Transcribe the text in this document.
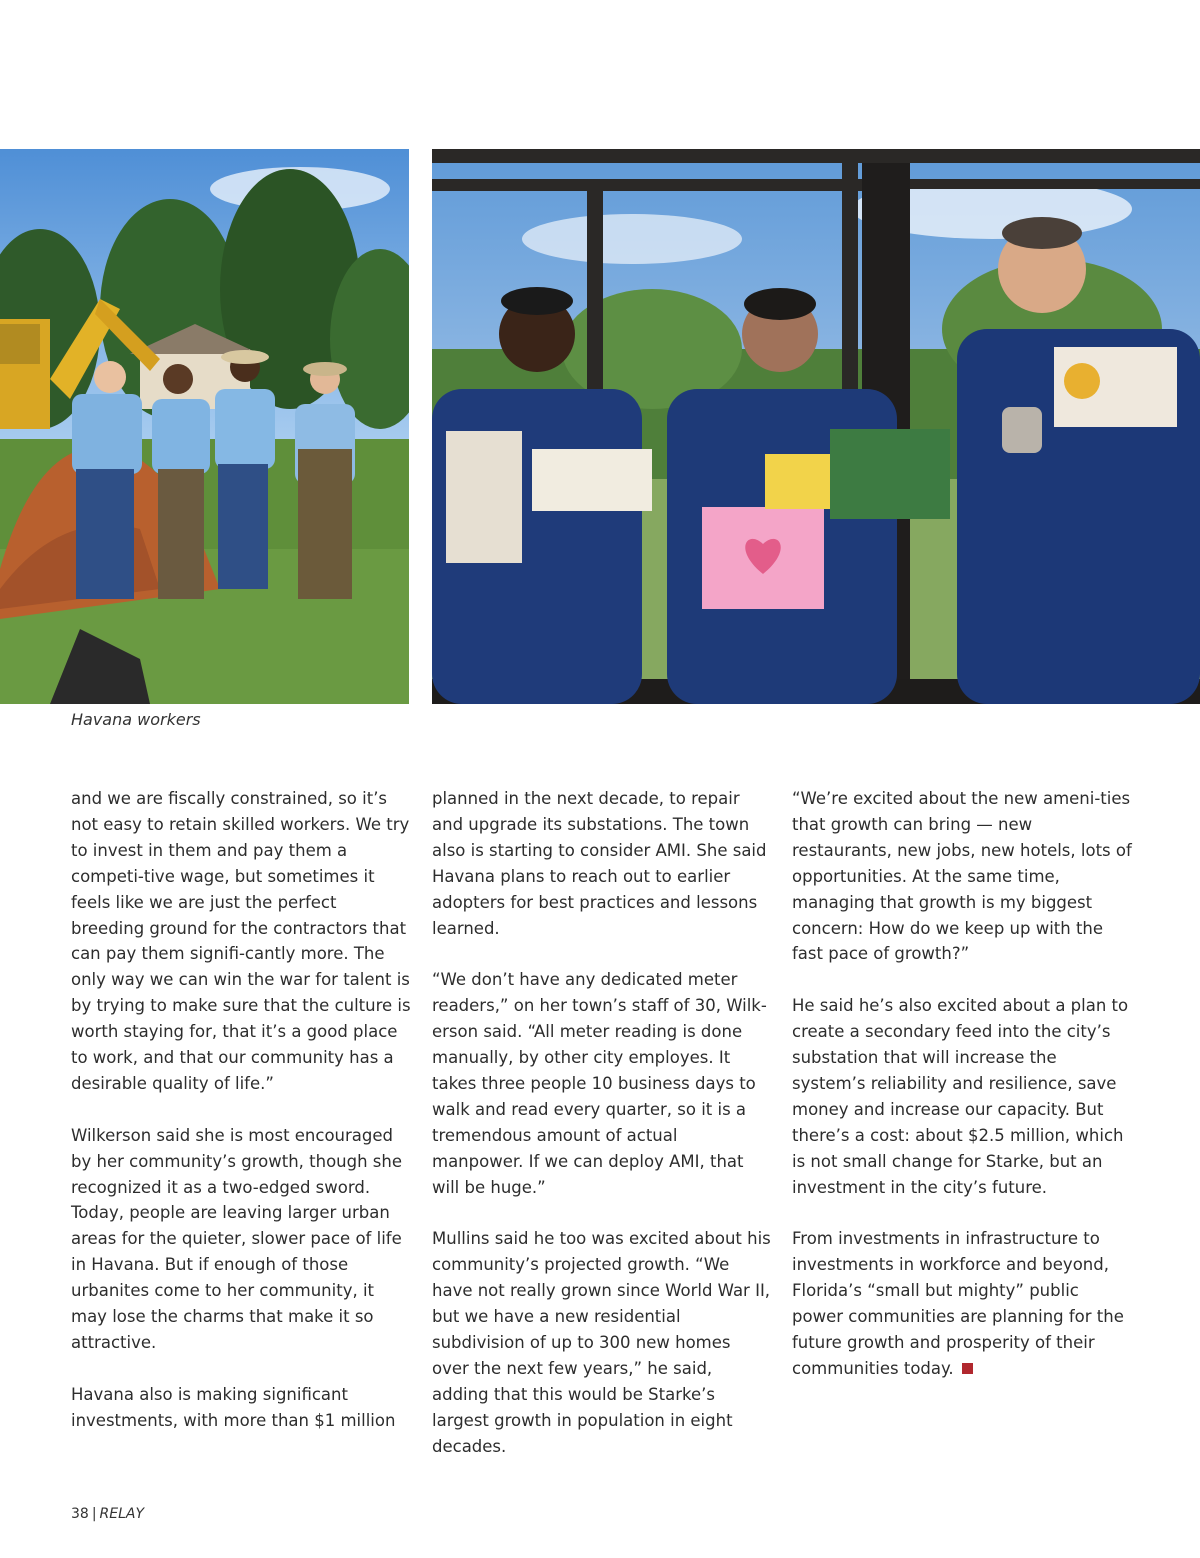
Havana workers

and we are fiscally constrained, so it’s not easy to retain skilled workers. We try to invest in them and pay them a competi-tive wage, but sometimes it feels like we are just the perfect breeding ground for the contractors that can pay them signifi-cantly more. The only way we can win the war for talent is by trying to make sure that the culture is worth staying for, that it’s a good place to work, and that our community has a desirable quality of life.”

Wilkerson said she is most encouraged by her community’s growth, though she recognized it as a two-edged sword. Today, people are leaving larger urban areas for the quieter, slower pace of life in Havana. But if enough of those urbanites come to her community, it may lose the charms that make it so attractive.

Havana also is making significant investments, with more than $1 million

planned in the next decade, to repair and upgrade its substations. The town also is starting to consider AMI. She said Havana plans to reach out to earlier adopters for best practices and lessons learned.

“We don’t have any dedicated meter readers,” on her town’s staff of 30, Wilk-erson said. “All meter reading is done manually, by other city employes. It takes three people 10 business days to walk and read every quarter, so it is a tremendous amount of actual manpower. If we can deploy AMI, that will be huge.”

Mullins said he too was excited about his community’s projected growth. “We have not really grown since World War II, but we have a new residential subdivision of up to 300 new homes over the next few years,” he said, adding that this would be Starke’s largest growth in population in eight decades.

“We’re excited about the new ameni-ties that growth can bring — new restaurants, new jobs, new hotels, lots of opportunities. At the same time, managing that growth is my biggest concern: How do we keep up with the fast pace of growth?”

He said he’s also excited about a plan to create a secondary feed into the city’s substation that will increase the system’s reliability and resilience, save money and increase our capacity. But there’s a cost: about $2.5 million, which is not small change for Starke, but an investment in the city’s future.

From investments in infrastructure to investments in workforce and beyond, Florida’s “small but mighty” public power communities are planning for the future growth and prosperity of their communities today.

38 | RELAY
